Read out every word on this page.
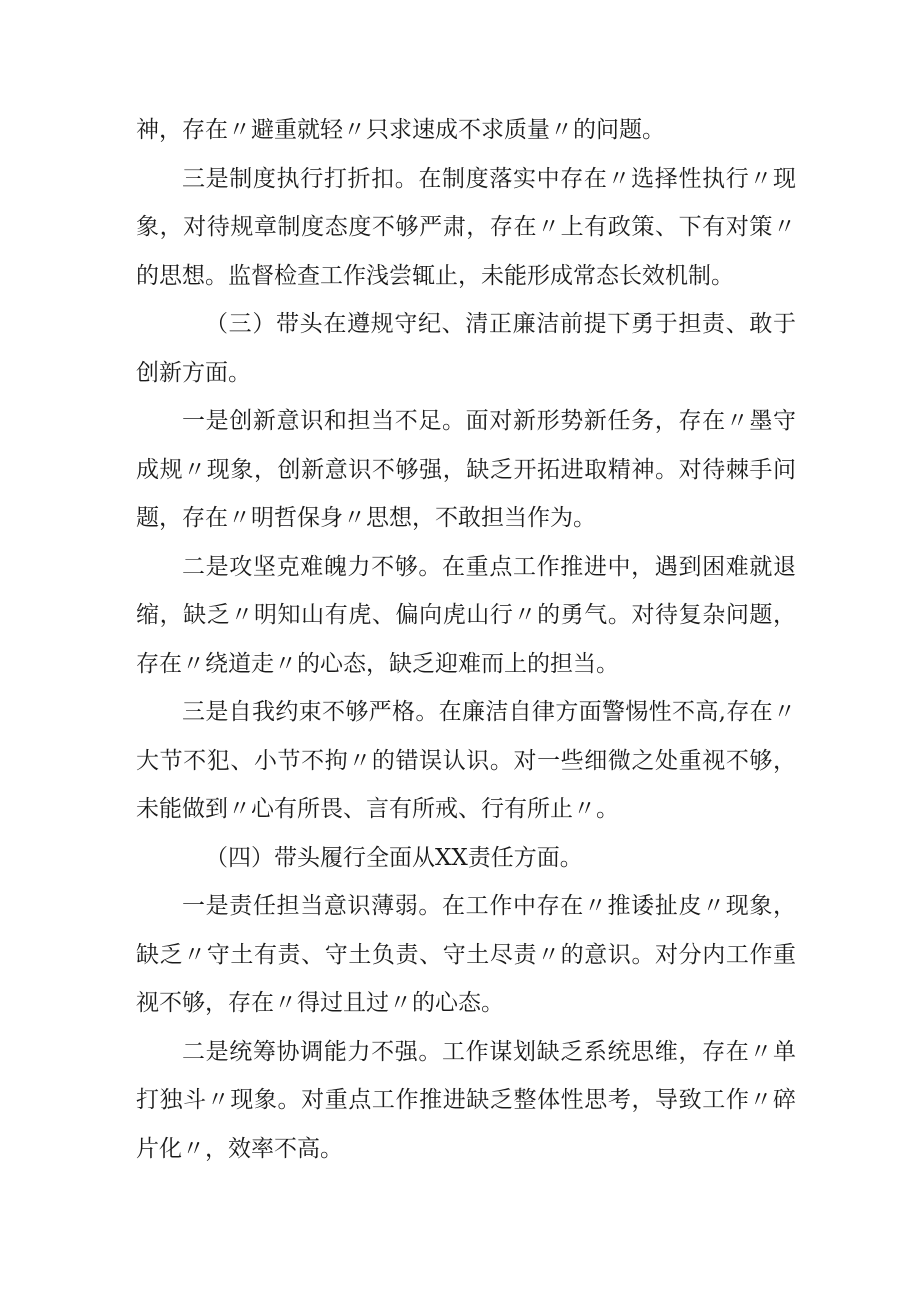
神，存在〃避重就轻〃只求速成不求质量〃的问题。

三是制度执行打折扣。在制度落实中存在〃选择性执行〃现象，对待规章制度态度不够严肃，存在〃上有政策、下有对策〃的思想。监督检查工作浅尝辄止，未能形成常态长效机制。

（三）带头在遵规守纪、清正廉洁前提下勇于担责、敢于创新方面。

一是创新意识和担当不足。面对新形势新任务，存在〃墨守成规〃现象，创新意识不够强，缺乏开拓进取精神。对待棘手问题，存在〃明哲保身〃思想，不敢担当作为。

二是攻坚克难魄力不够。在重点工作推进中，遇到困难就退缩，缺乏〃明知山有虎、偏向虎山行〃的勇气。对待复杂问题，存在〃绕道走〃的心态，缺乏迎难而上的担当。

三是自我约束不够严格。在廉洁自律方面警惕性不高,存在〃大节不犯、小节不拘〃的错误认识。对一些细微之处重视不够，未能做到〃心有所畏、言有所戒、行有所止〃。

（四）带头履行全面从XX责任方面。

一是责任担当意识薄弱。在工作中存在〃推诿扯皮〃现象，缺乏〃守土有责、守土负责、守土尽责〃的意识。对分内工作重视不够，存在〃得过且过〃的心态。

二是统筹协调能力不强。工作谋划缺乏系统思维，存在〃单打独斗〃现象。对重点工作推进缺乏整体性思考，导致工作〃碎片化〃，效率不高。
